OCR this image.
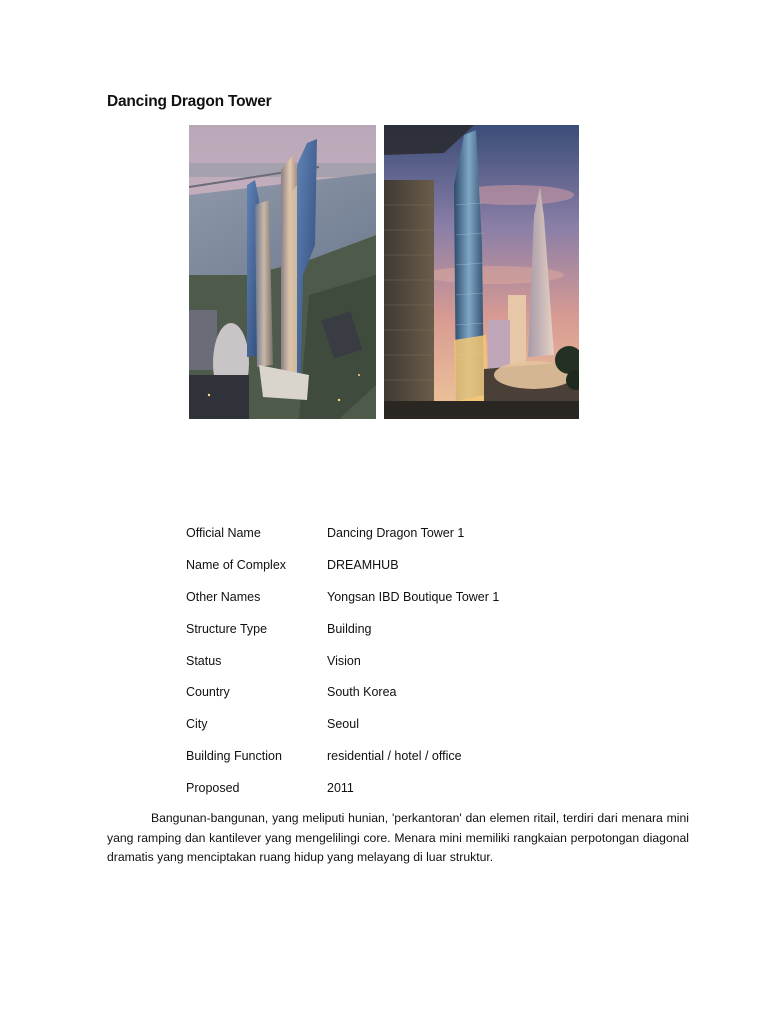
Dancing Dragon Tower
Official Name	Dancing Dragon Tower 1
Name of Complex	DREAMHUB
Other Names	Yongsan IBD Boutique Tower 1
Structure Type	Building
Status	Vision
Country	South Korea
City	Seoul
Building Function	residential / hotel / office
Proposed	2011

Bangunan-bangunan, yang meliputi hunian, 'perkantoran' dan elemen ritail, terdiri dari menara mini yang ramping dan kantilever yang mengelilingi core. Menara mini memiliki rangkaian perpotongan diagonal dramatis yang menciptakan ruang hidup yang melayang di luar struktur.
